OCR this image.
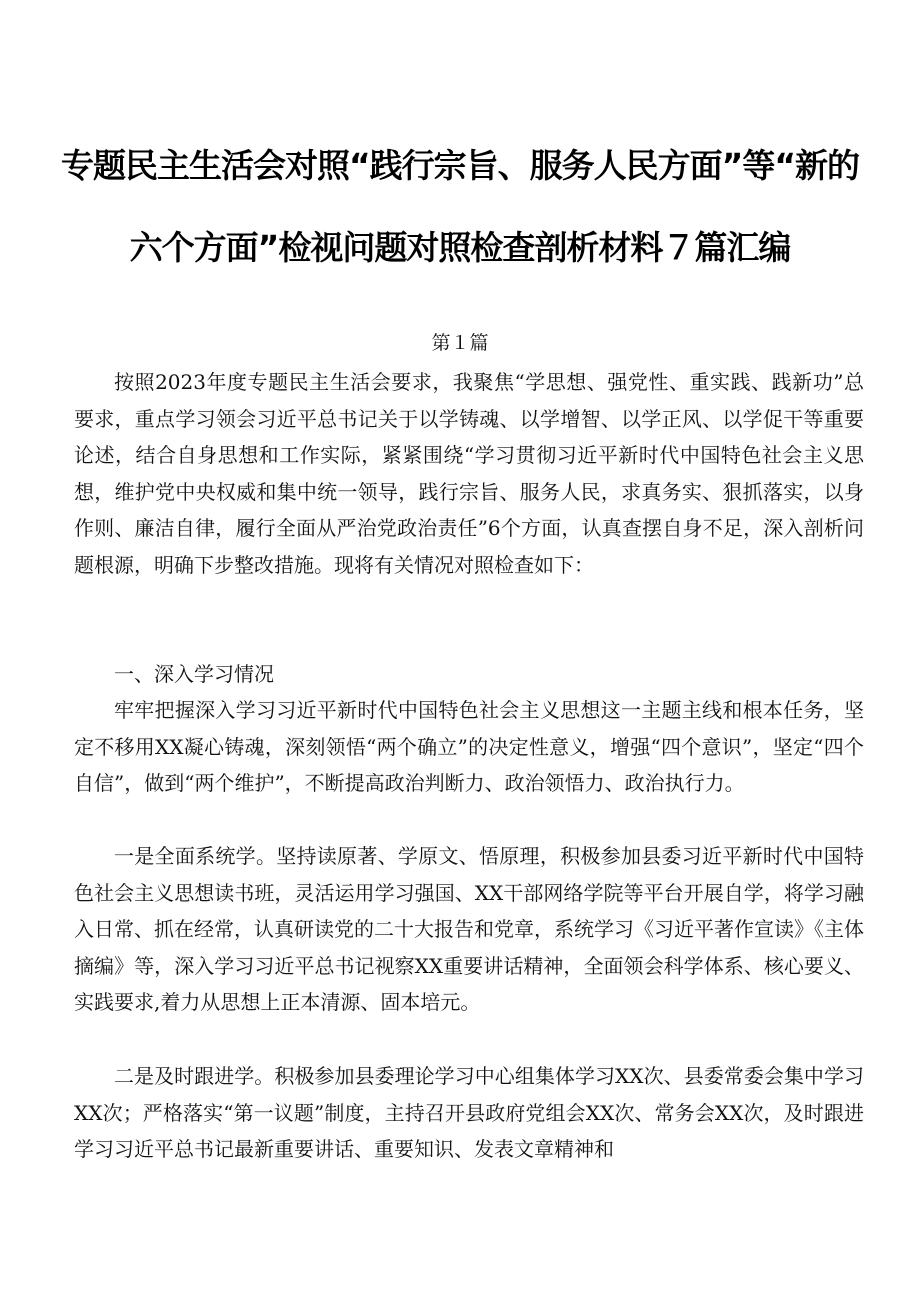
专题民主生活会对照“践行宗旨、服务人民方面”等“新的
六个方面”检视问题对照检查剖析材料７篇汇编
第１篇

按照2023年度专题民主生活会要求，我聚焦“学思想、强党性、重实践、践新功”总要求，重点学习领会习近平总书记关于以学铸魂、以学增智、以学正风、以学促干等重要论述，结合自身思想和工作实际，紧紧围绕“学习贯彻习近平新时代中国特色社会主义思想，维护党中央权威和集中统一领导，践行宗旨、服务人民，求真务实、狠抓落实，以身作则、廉洁自律，履行全面从严治党政治责任”6个方面，认真查摆自身不足，深入剖析问题根源，明确下步整改措施。现将有关情况对照检查如下：

一、深入学习情况

牢牢把握深入学习习近平新时代中国特色社会主义思想这一主题主线和根本任务，坚定不移用XX凝心铸魂，深刻领悟“两个确立”的决定性意义，增强“四个意识”，坚定“四个自信”，做到“两个维护”，不断提高政治判断力、政治领悟力、政治执行力。

一是全面系统学。坚持读原著、学原文、悟原理，积极参加县委习近平新时代中国特色社会主义思想读书班，灵活运用学习强国、XX干部网络学院等平台开展自学，将学习融入日常、抓在经常，认真研读党的二十大报告和党章，系统学习《习近平著作宣读》《主体摘编》等，深入学习习近平总书记视察XX重要讲话精神，全面领会科学体系、核心要义、实践要求,着力从思想上正本清源、固本培元。

二是及时跟进学。积极参加县委理论学习中心组集体学习XX次、县委常委会集中学习XX次；严格落实“第一议题”制度，主持召开县政府党组会XX次、常务会XX次，及时跟进学习习近平总书记最新重要讲话、重要知识、发表文章精神和
